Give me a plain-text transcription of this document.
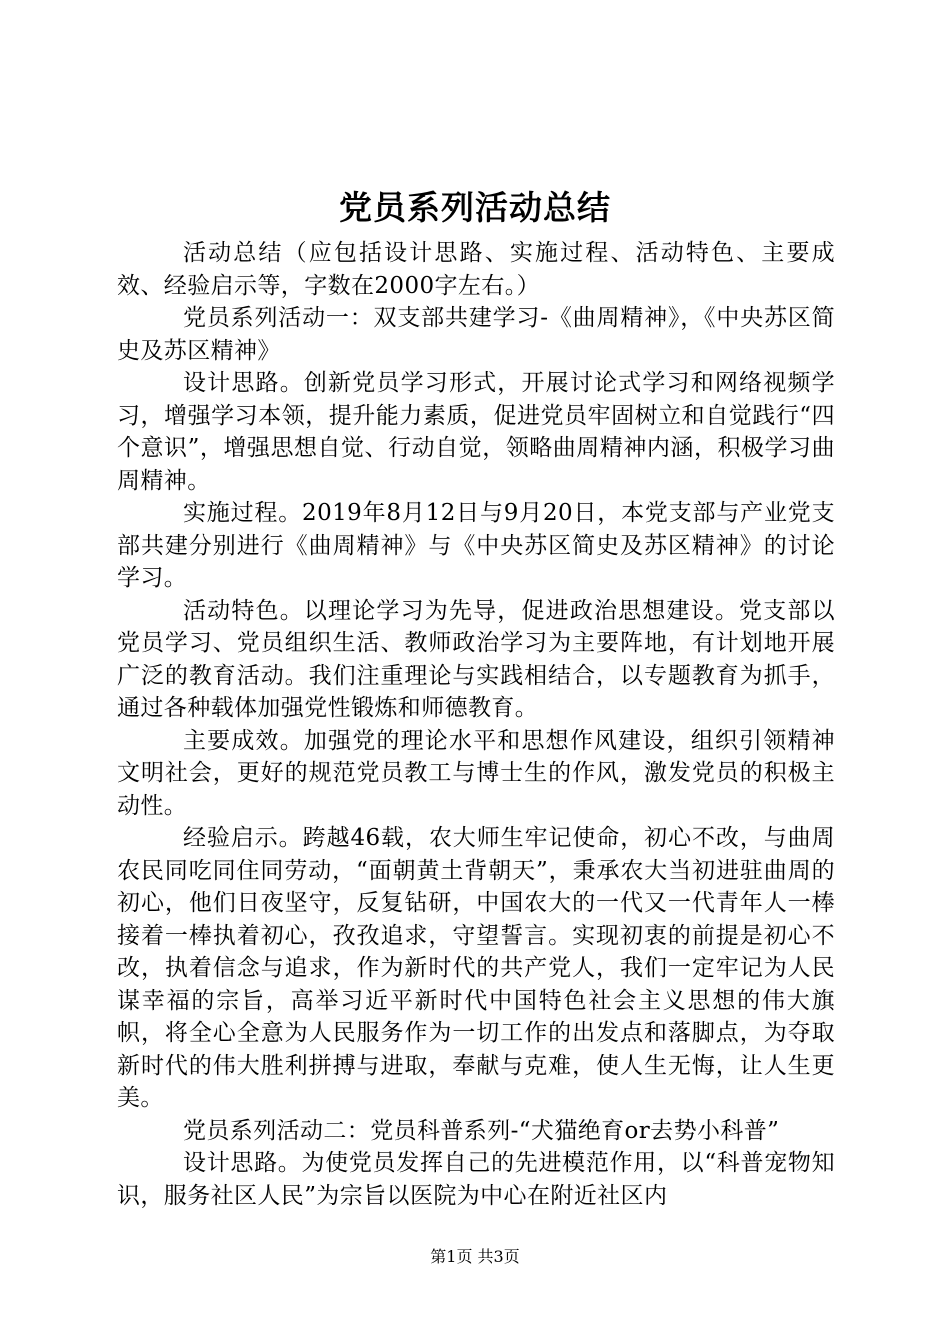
党员系列活动总结

活动总结（应包括设计思路、实施过程、活动特色、主要成效、经验启示等，字数在2000字左右。）

党员系列活动一：双支部共建学习-《曲周精神》，《中央苏区简史及苏区精神》

设计思路。创新党员学习形式，开展讨论式学习和网络视频学习，增强学习本领，提升能力素质，促进党员牢固树立和自觉践行“四个意识”，增强思想自觉、行动自觉，领略曲周精神内涵，积极学习曲周精神。

实施过程。2019年8月12日与9月20日，本党支部与产业党支部共建分别进行《曲周精神》与《中央苏区简史及苏区精神》的讨论学习。

活动特色。以理论学习为先导，促进政治思想建设。党支部以党员学习、党员组织生活、教师政治学习为主要阵地，有计划地开展广泛的教育活动。我们注重理论与实践相结合，以专题教育为抓手，通过各种载体加强党性锻炼和师德教育。

主要成效。加强党的理论水平和思想作风建设，组织引领精神文明社会，更好的规范党员教工与博士生的作风，激发党员的积极主动性。

经验启示。跨越46载，农大师生牢记使命，初心不改，与曲周农民同吃同住同劳动，“面朝黄土背朝天”，秉承农大当初进驻曲周的初心，他们日夜坚守，反复钻研，中国农大的一代又一代青年人一棒接着一棒执着初心，孜孜追求，守望誓言。实现初衷的前提是初心不改，执着信念与追求，作为新时代的共产党人，我们一定牢记为人民谋幸福的宗旨，高举习近平新时代中国特色社会主义思想的伟大旗帜，将全心全意为人民服务作为一切工作的出发点和落脚点，为夺取新时代的伟大胜利拼搏与进取，奉献与克难，使人生无悔，让人生更美。

党员系列活动二：党员科普系列-“犬猫绝育or去势小科普”

设计思路。为使党员发挥自己的先进模范作用，以“科普宠物知识，服务社区人民”为宗旨以医院为中心在附近社区内

第1页 共3页
